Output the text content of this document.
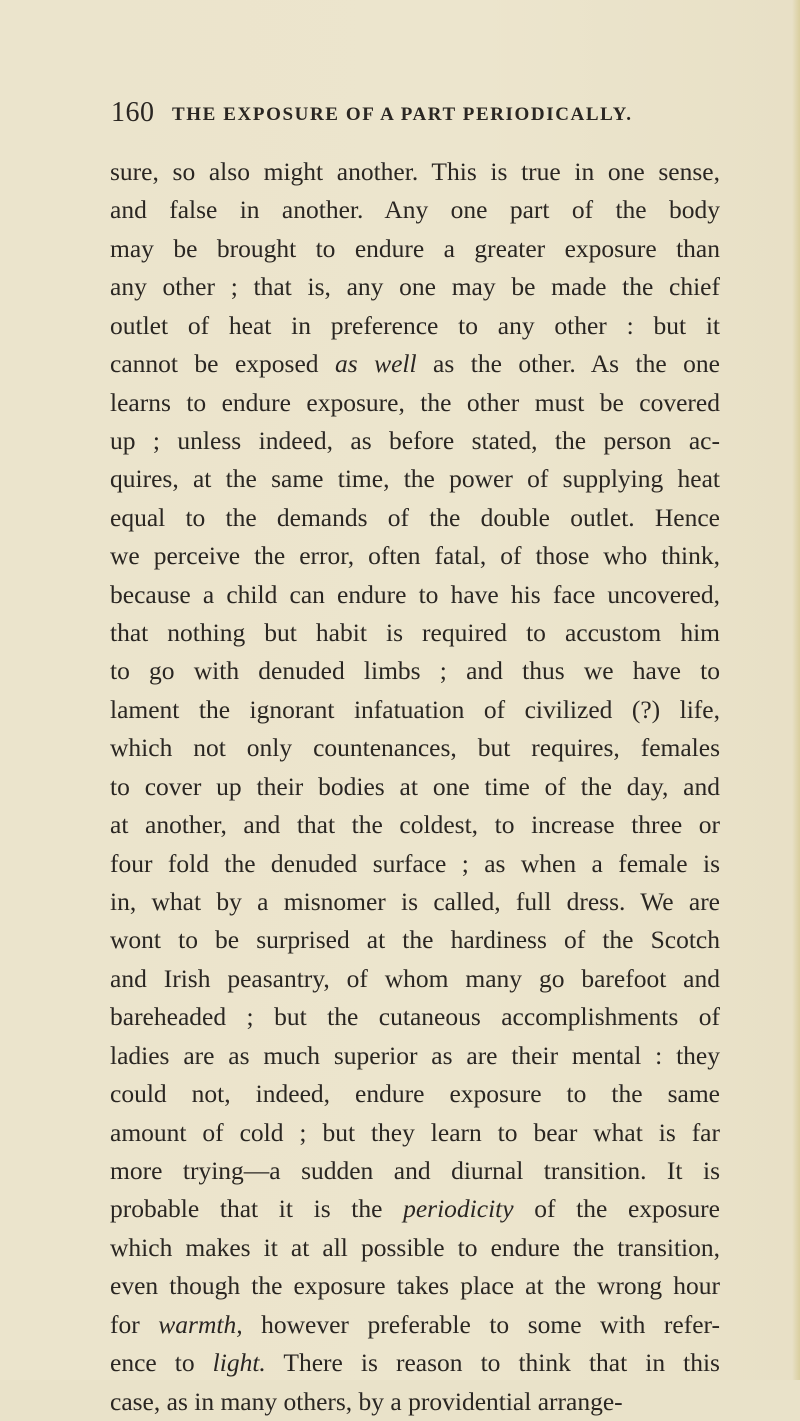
160 THE EXPOSURE OF A PART PERIODICALLY.
sure, so also might another. This is true in one sense,
and false in another. Any one part of the body
may be brought to endure a greater exposure than
any other ; that is, any one may be made the chief
outlet of heat in preference to any other : but it
cannot be exposed as well as the other. As the one
learns to endure exposure, the other must be covered
up ; unless indeed, as before stated, the person ac-
quires, at the same time, the power of supplying heat
equal to the demands of the double outlet. Hence
we perceive the error, often fatal, of those who think,
because a child can endure to have his face uncovered,
that nothing but habit is required to accustom him
to go with denuded limbs ; and thus we have to
lament the ignorant infatuation of civilized (?) life,
which not only countenances, but requires, females
to cover up their bodies at one time of the day, and
at another, and that the coldest, to increase three or
four fold the denuded surface ; as when a female is
in, what by a misnomer is called, full dress. We are
wont to be surprised at the hardiness of the Scotch
and Irish peasantry, of whom many go barefoot and
bareheaded ; but the cutaneous accomplishments of
ladies are as much superior as are their mental : they
could not, indeed, endure exposure to the same
amount of cold ; but they learn to bear what is far
more trying—a sudden and diurnal transition. It is
probable that it is the periodicity of the exposure
which makes it at all possible to endure the transition,
even though the exposure takes place at the wrong hour
for warmth, however preferable to some with refer-
ence to light. There is reason to think that in this
case, as in many others, by a providential arrange-
